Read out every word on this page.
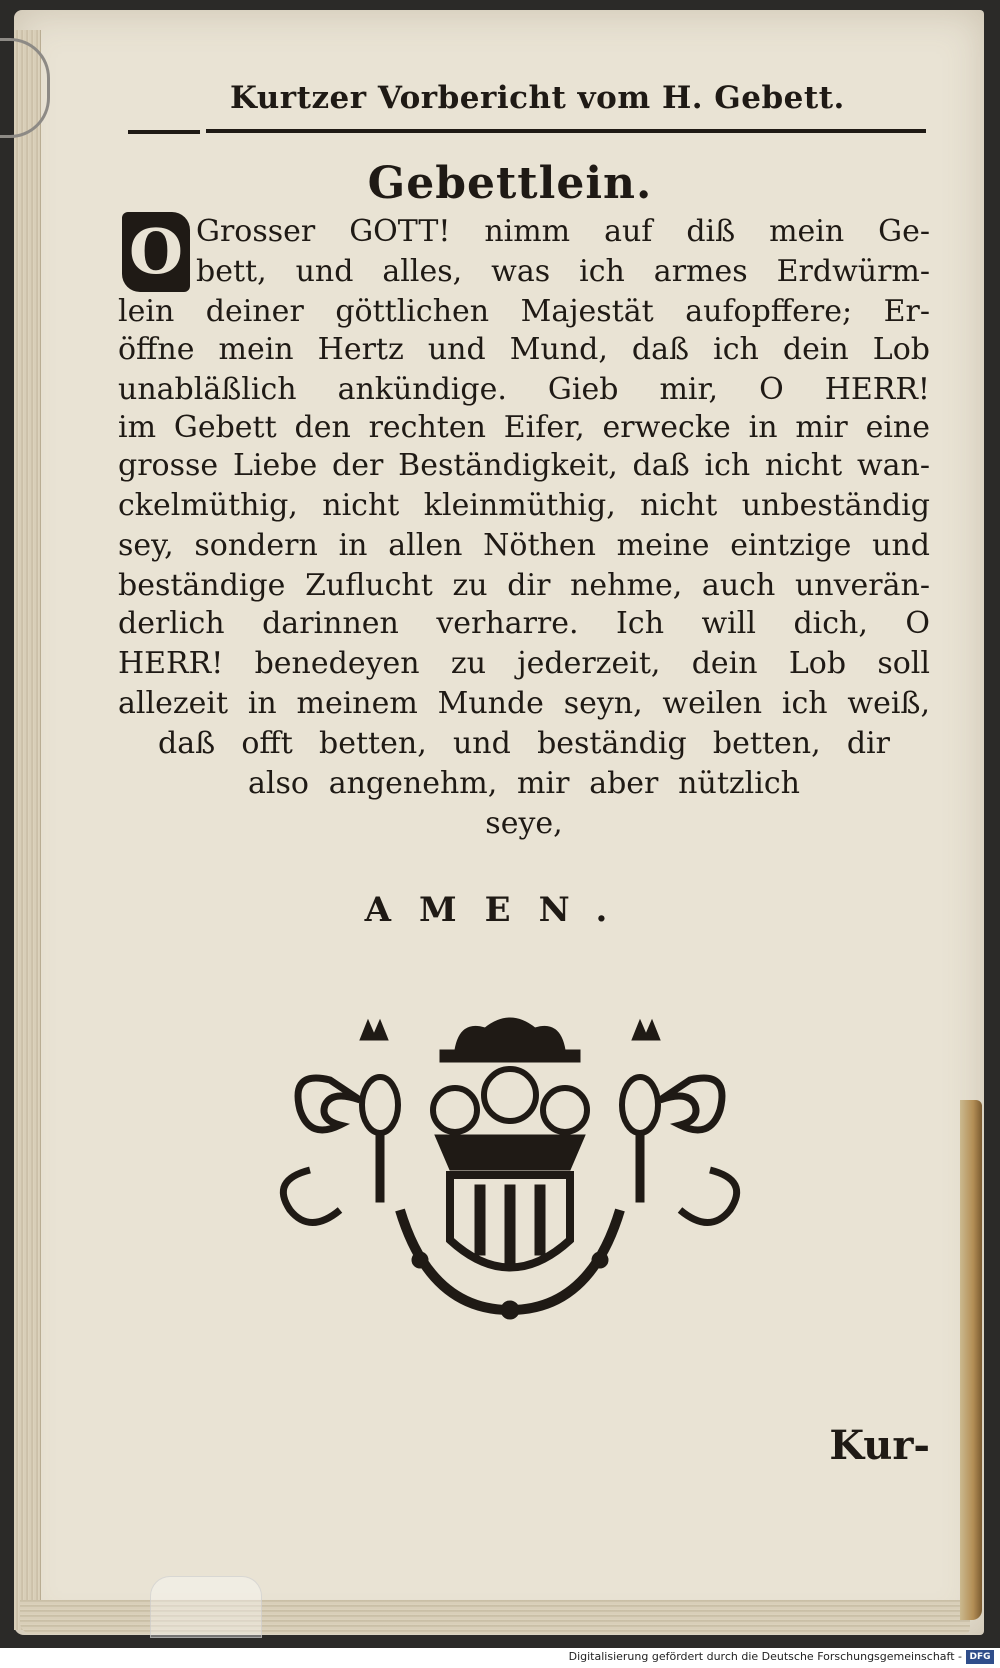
Kurtzer Vorbericht vom H. Gebett.
Gebettlein.
O Grosser GOTT! nimm auf diß mein Ge-
bett, und alles, was ich armes Erdwürm-
lein deiner göttlichen Majestät aufopffere; Er-
öffne mein Hertz und Mund, daß ich dein Lob
unabläßlich ankündige. Gieb mir, O HERR!
im Gebett den rechten Eifer, erwecke in mir eine
grosse Liebe der Beständigkeit, daß ich nicht wan-
ckelmüthig, nicht kleinmüthig, nicht unbeständig
sey, sondern in allen Nöthen meine eintzige und
beständige Zuflucht zu dir nehme, auch unverän-
derlich darinnen verharre. Ich will dich, O
HERR! benedeyen zu jederzeit, dein Lob soll
allezeit in meinem Munde seyn, weilen ich weiß,
daß offt betten, und beständig betten, dir
also angenehm, mir aber nützlich
seye,
AMEN.
Kur-
Digitalisierung gefördert durch die Deutsche Forschungsgemeinschaft - DFG
